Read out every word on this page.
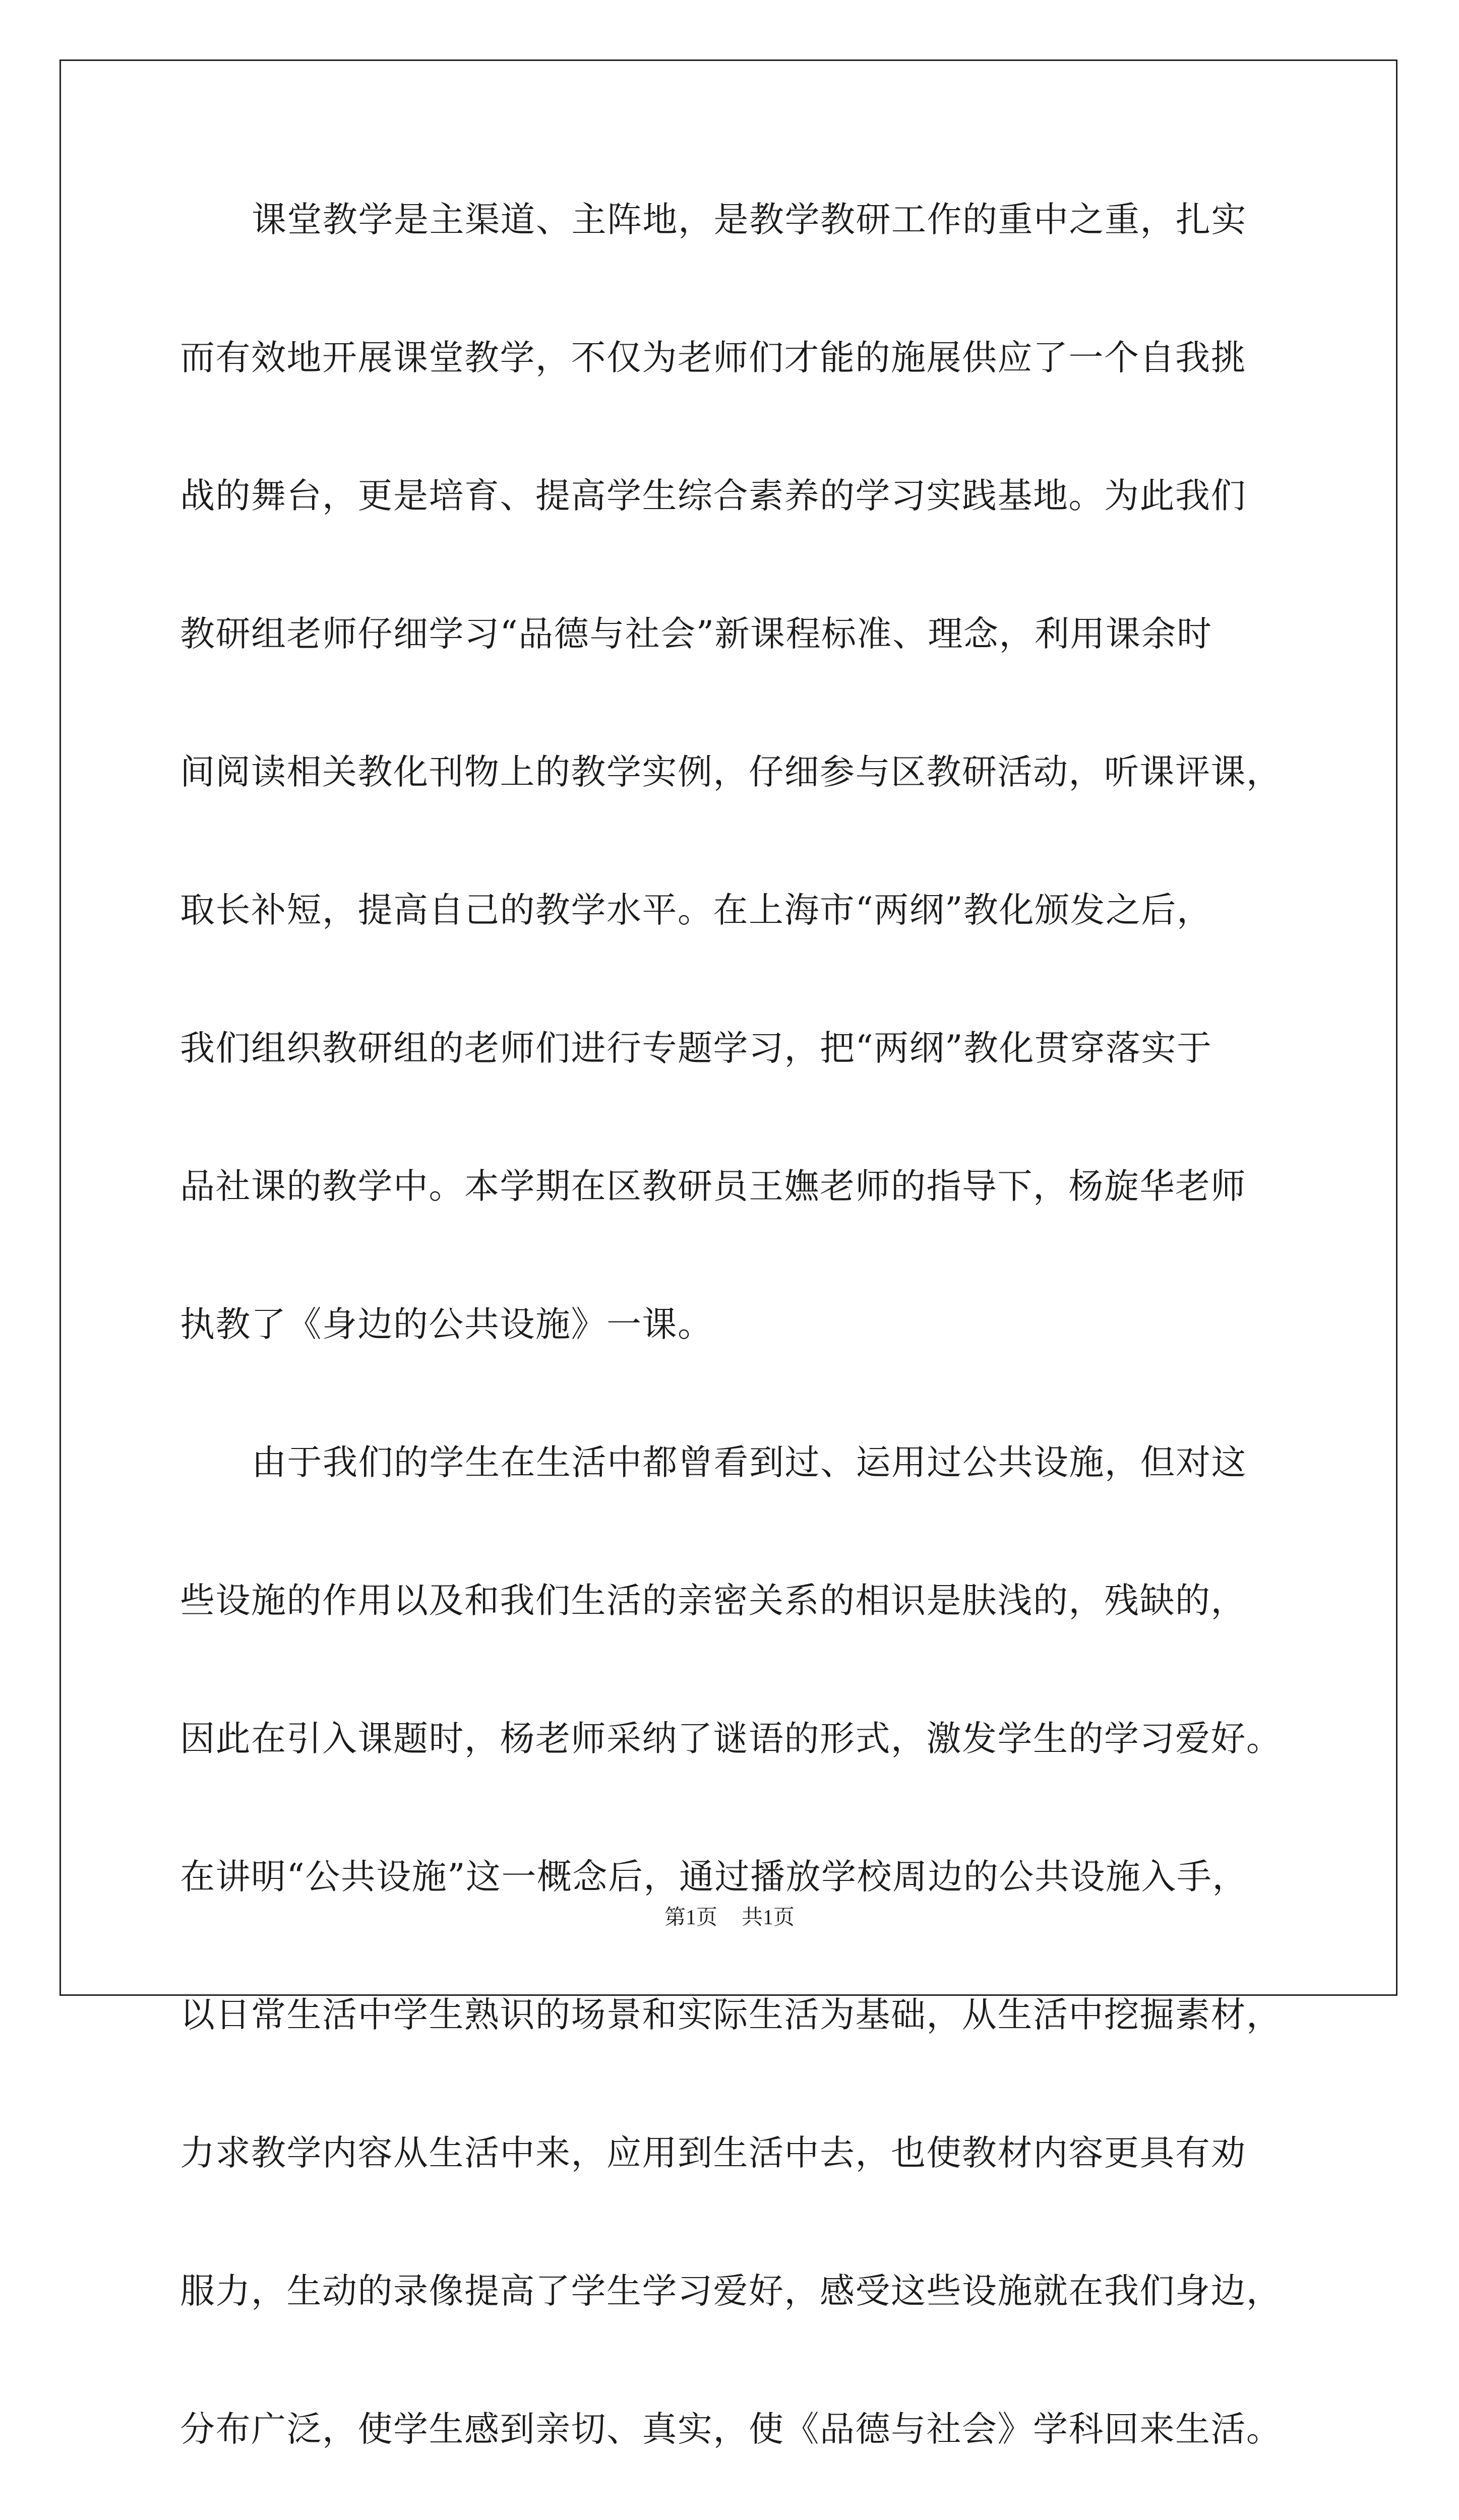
课堂教学是主渠道、主阵地，是教学教研工作的重中之重，扎实
而有效地开展课堂教学，不仅为老师们才能的施展供应了一个自我挑
战的舞台，更是培育、提高学生综合素养的学习实践基地。为此我们
教研组老师仔细学习“品德与社会”新课程标准、理念，利用课余时
间阅读相关教化刊物上的教学实例，仔细参与区教研活动，听课评课，
取长补短，提高自己的教学水平。在上海市“两纲”教化颁发之后，
我们组织教研组的老师们进行专题学习，把“两纲”教化贯穿落实于
品社课的教学中。本学期在区教研员王嫵老师的指导下，杨旋华老师
执教了《身边的公共设施》一课。
由于我们的学生在生活中都曾看到过、运用过公共设施，但对这
些设施的作用以及和我们生活的亲密关系的相识是肤浅的，残缺的，
因此在引入课题时，杨老师采纳了谜语的形式，激发学生的学习爱好。
在讲明“公共设施”这一概念后，通过播放学校周边的公共设施入手，
以日常生活中学生熟识的场景和实际生活为基础，从生活中挖掘素材，
力求教学内容从生活中来，应用到生活中去，也使教材内容更具有劝
服力，生动的录像提高了学生学习爱好，感受这些设施就在我们身边，
分布广泛，使学生感到亲切、真实，使《品德与社会》学科回来生活。
第1页 共1页
